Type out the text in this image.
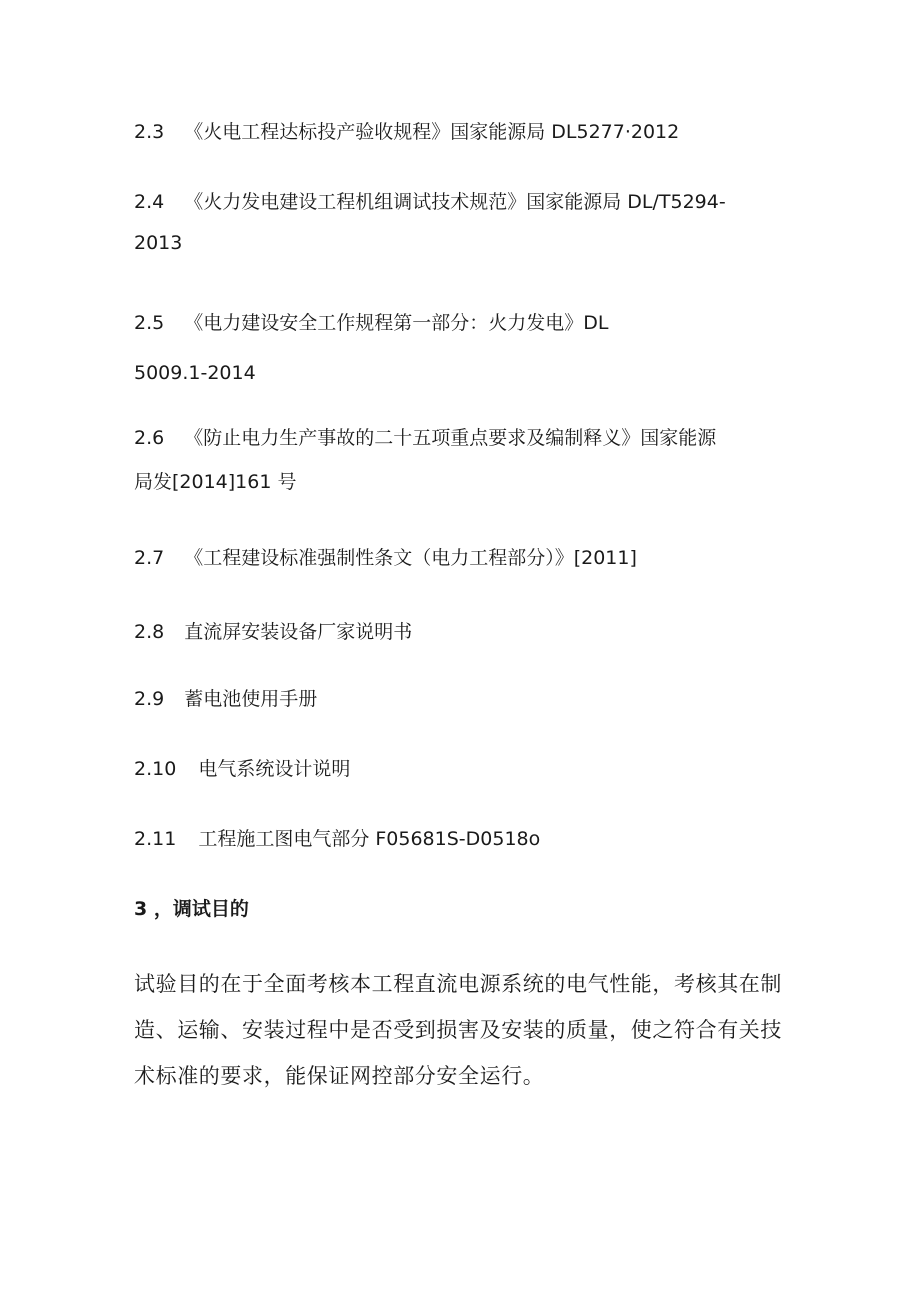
2.3 《火电工程达标投产验收规程》国家能源局 DL5277·2012
2.4 《火力发电建设工程机组调试技术规范》国家能源局 DL/T5294-
2013
2.5 《电力建设安全工作规程第一部分：火力发电》DL
5009.1-2014
2.6 《防止电力生产事故的二十五项重点要求及编制释义》国家能源
局发[2014]161 号
2.7 《工程建设标准强制性条文（电力工程部分）》[2011]
2.8 直流屏安装设备厂家说明书
2.9 蓄电池使用手册
2.10 电气系统设计说明
2.11 工程施工图电气部分 F05681S-D0518o
3 ，调试目的
试验目的在于全面考核本工程直流电源系统的电气性能，考核其在制造、运输、安装过程中是否受到损害及安装的质量，使之符合有关技术标准的要求，能保证网控部分安全运行。
